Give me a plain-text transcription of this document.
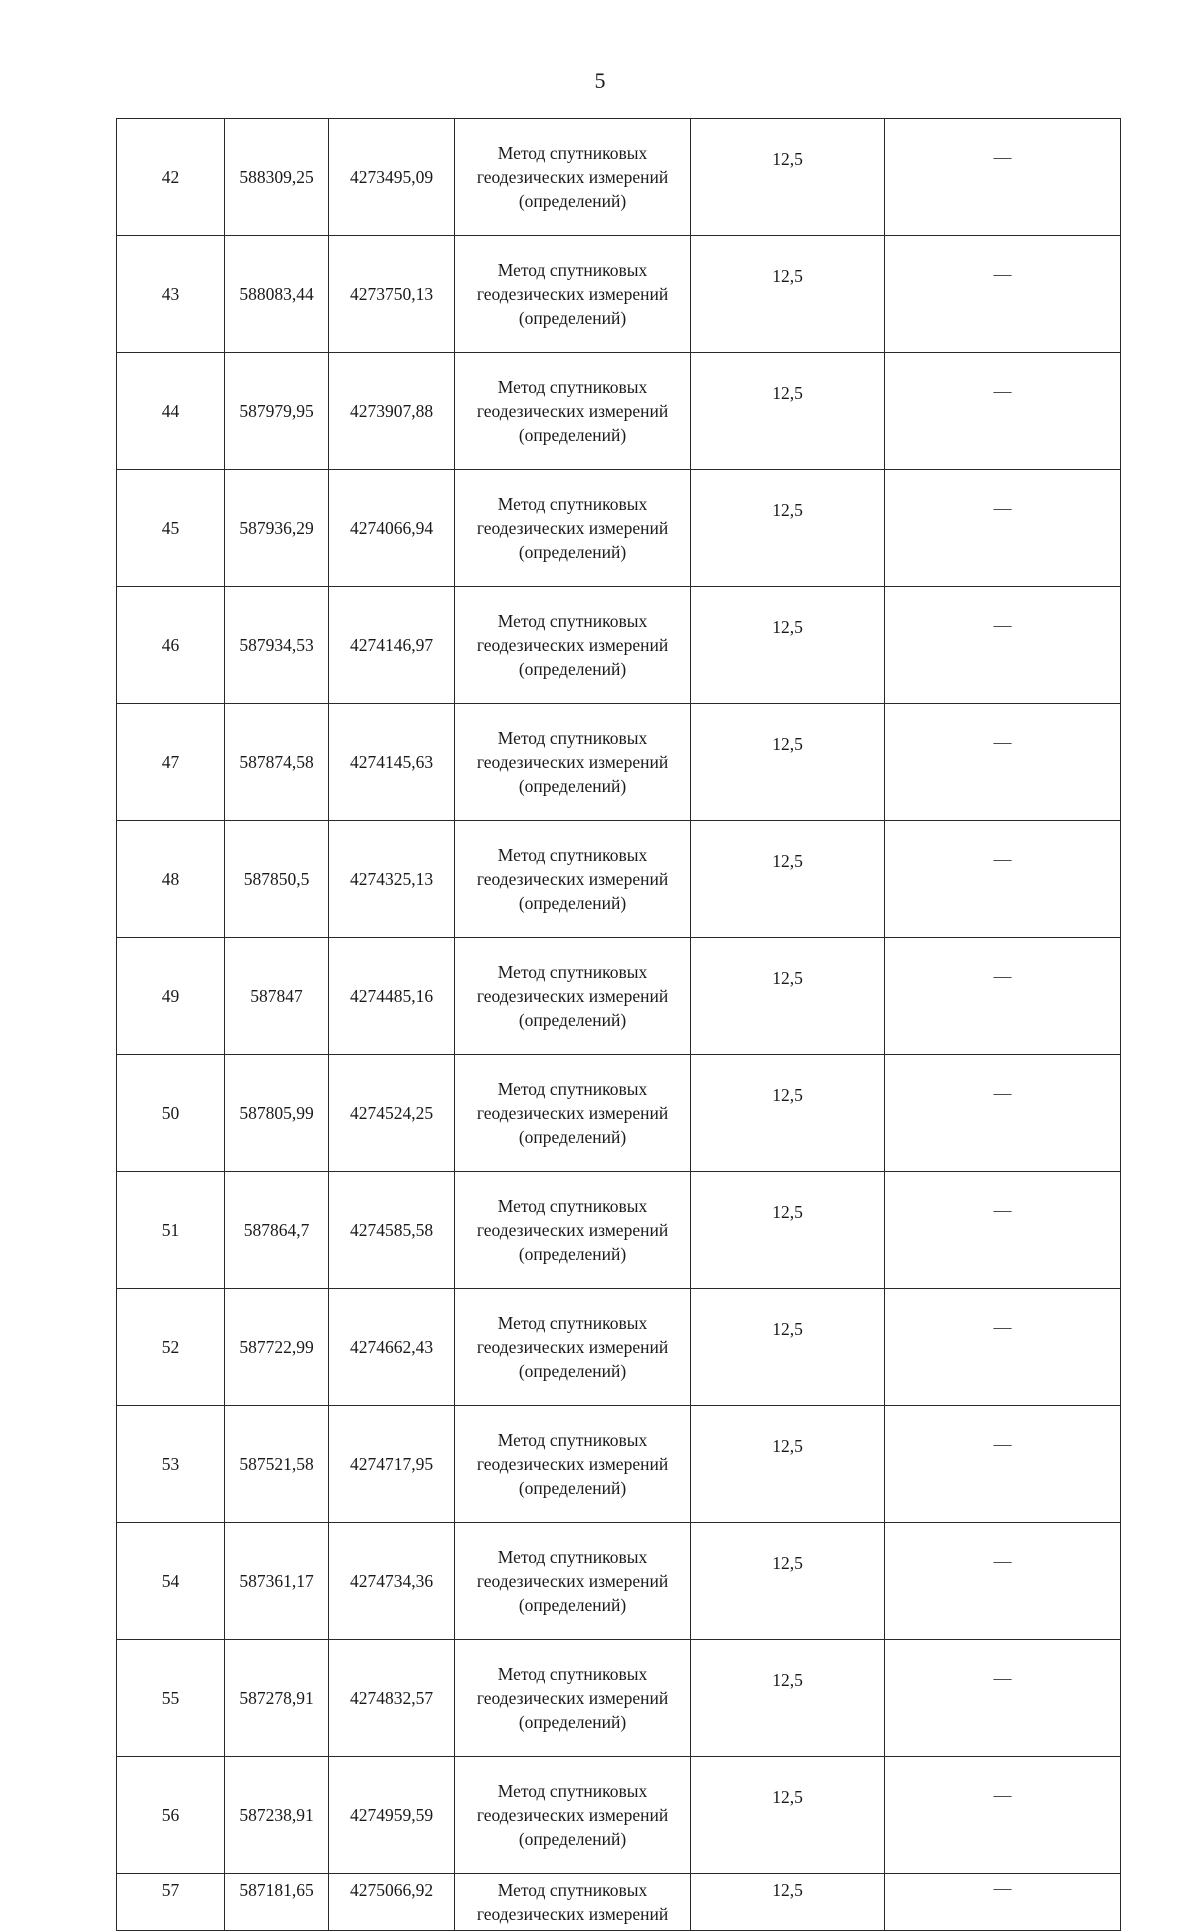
5
42	588309,25	4273495,09	Метод спутниковых
геодезических измерений
(определений)	12,5	—
43	588083,44	4273750,13	Метод спутниковых
геодезических измерений
(определений)	12,5	—
44	587979,95	4273907,88	Метод спутниковых
геодезических измерений
(определений)	12,5	—
45	587936,29	4274066,94	Метод спутниковых
геодезических измерений
(определений)	12,5	—
46	587934,53	4274146,97	Метод спутниковых
геодезических измерений
(определений)	12,5	—
47	587874,58	4274145,63	Метод спутниковых
геодезических измерений
(определений)	12,5	—
48	587850,5	4274325,13	Метод спутниковых
геодезических измерений
(определений)	12,5	—
49	587847	4274485,16	Метод спутниковых
геодезических измерений
(определений)	12,5	—
50	587805,99	4274524,25	Метод спутниковых
геодезических измерений
(определений)	12,5	—
51	587864,7	4274585,58	Метод спутниковых
геодезических измерений
(определений)	12,5	—
52	587722,99	4274662,43	Метод спутниковых
геодезических измерений
(определений)	12,5	—
53	587521,58	4274717,95	Метод спутниковых
геодезических измерений
(определений)	12,5	—
54	587361,17	4274734,36	Метод спутниковых
геодезических измерений
(определений)	12,5	—
55	587278,91	4274832,57	Метод спутниковых
геодезических измерений
(определений)	12,5	—
56	587238,91	4274959,59	Метод спутниковых
геодезических измерений
(определений)	12,5	—
57	587181,65	4275066,92	Метод спутниковых
геодезических измерений	12,5	—
